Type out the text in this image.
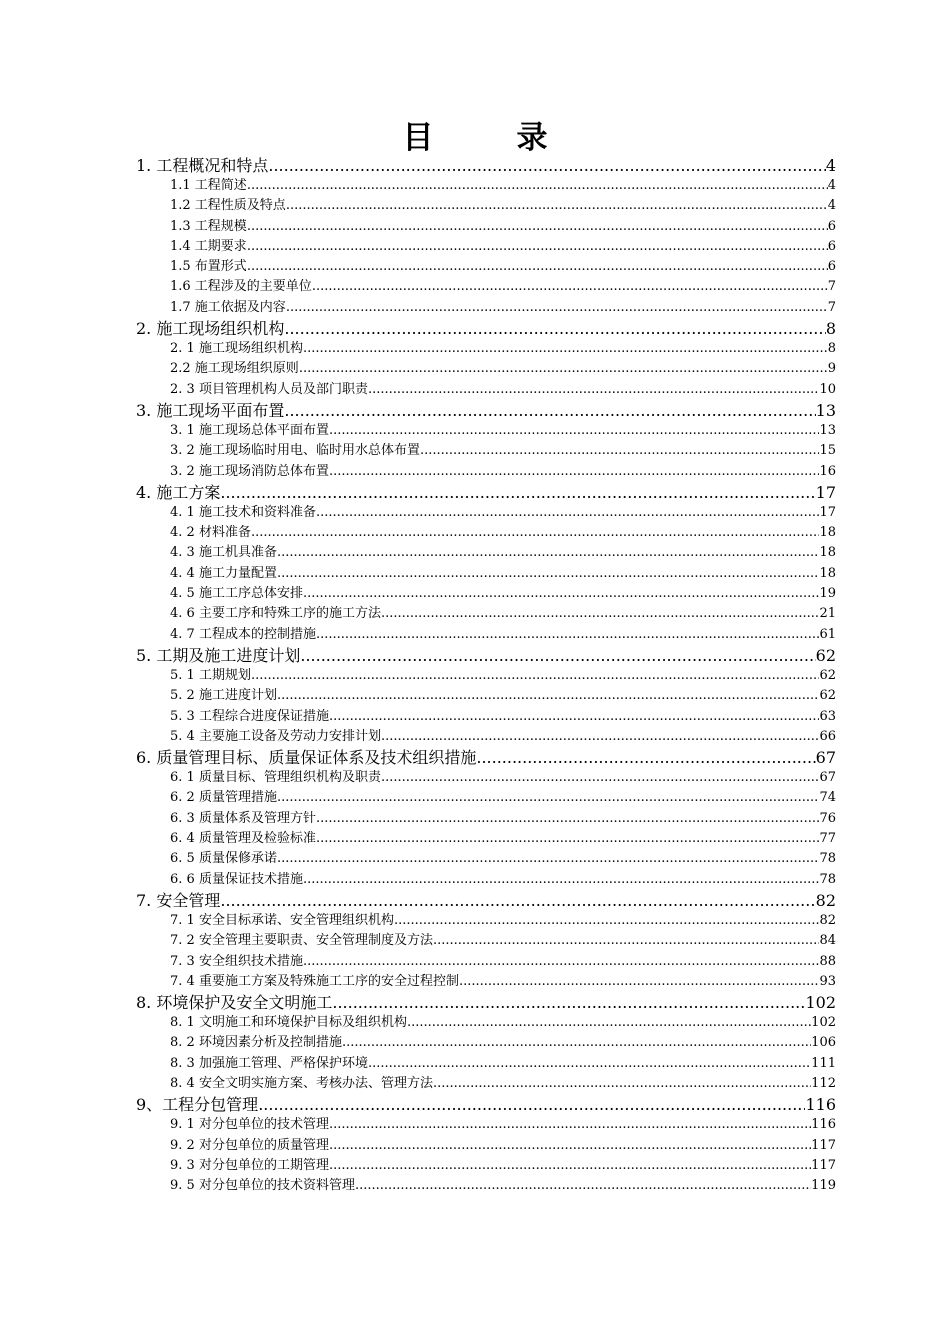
目　录
1. 工程概况和特点 .....	4
1.1 工程简述 .....	4
1.2 工程性质及特点 .....	4
1.3 工程规模 .....	6
1.4 工期要求 .....	6
1.5 布置形式 .....	6
1.6 工程涉及的主要单位 .....	7
1.7 施工依据及内容 .....	7
2. 施工现场组织机构 .....	8
2. 1 施工现场组织机构 .....	8
2.2 施工现场组织原则 .....	9
2. 3 项目管理机构人员及部门职责 .....	10
3. 施工现场平面布置 .....	13
3. 1 施工现场总体平面布置 .....	13
3. 2 施工现场临时用电、临时用水总体布置 .....	15
3. 2 施工现场消防总体布置 .....	16
4. 施工方案 .....	17
4. 1 施工技术和资料准备 .....	17
4. 2 材料准备 .....	18
4. 3 施工机具准备 .....	18
4. 4 施工力量配置 .....	18
4. 5 施工工序总体安排 .....	19
4. 6 主要工序和特殊工序的施工方法 .....	21
4. 7 工程成本的控制措施 .....	61
5. 工期及施工进度计划 .....	62
5. 1 工期规划 .....	62
5. 2 施工进度计划 .....	62
5. 3 工程综合进度保证措施 .....	63
5. 4 主要施工设备及劳动力安排计划 .....	66
6. 质量管理目标、质量保证体系及技术组织措施 .....	67
6. 1 质量目标、管理组织机构及职责 .....	67
6. 2 质量管理措施 .....	74
6. 3 质量体系及管理方针 .....	76
6. 4 质量管理及检验标准 .....	77
6. 5 质量保修承诺 .....	78
6. 6 质量保证技术措施 .....	78
7. 安全管理 .....	82
7. 1 安全目标承诺、安全管理组织机构 .....	82
7. 2 安全管理主要职责、安全管理制度及方法 .....	84
7. 3 安全组织技术措施 .....	88
7. 4 重要施工方案及特殊施工工序的安全过程控制 .....	93
8. 环境保护及安全文明施工 .....	102
8. 1 文明施工和环境保护目标及组织机构 .....	102
8. 2 环境因素分析及控制措施 .....	106
8. 3 加强施工管理、严格保护环境 .....	111
8. 4 安全文明实施方案、考核办法、管理方法 .....	112
9、工程分包管理 .....	116
9. 1 对分包单位的技术管理 .....	116
9. 2 对分包单位的质量管理 .....	117
9. 3 对分包单位的工期管理 .....	117
9. 5 对分包单位的技术资料管理 .....	119
